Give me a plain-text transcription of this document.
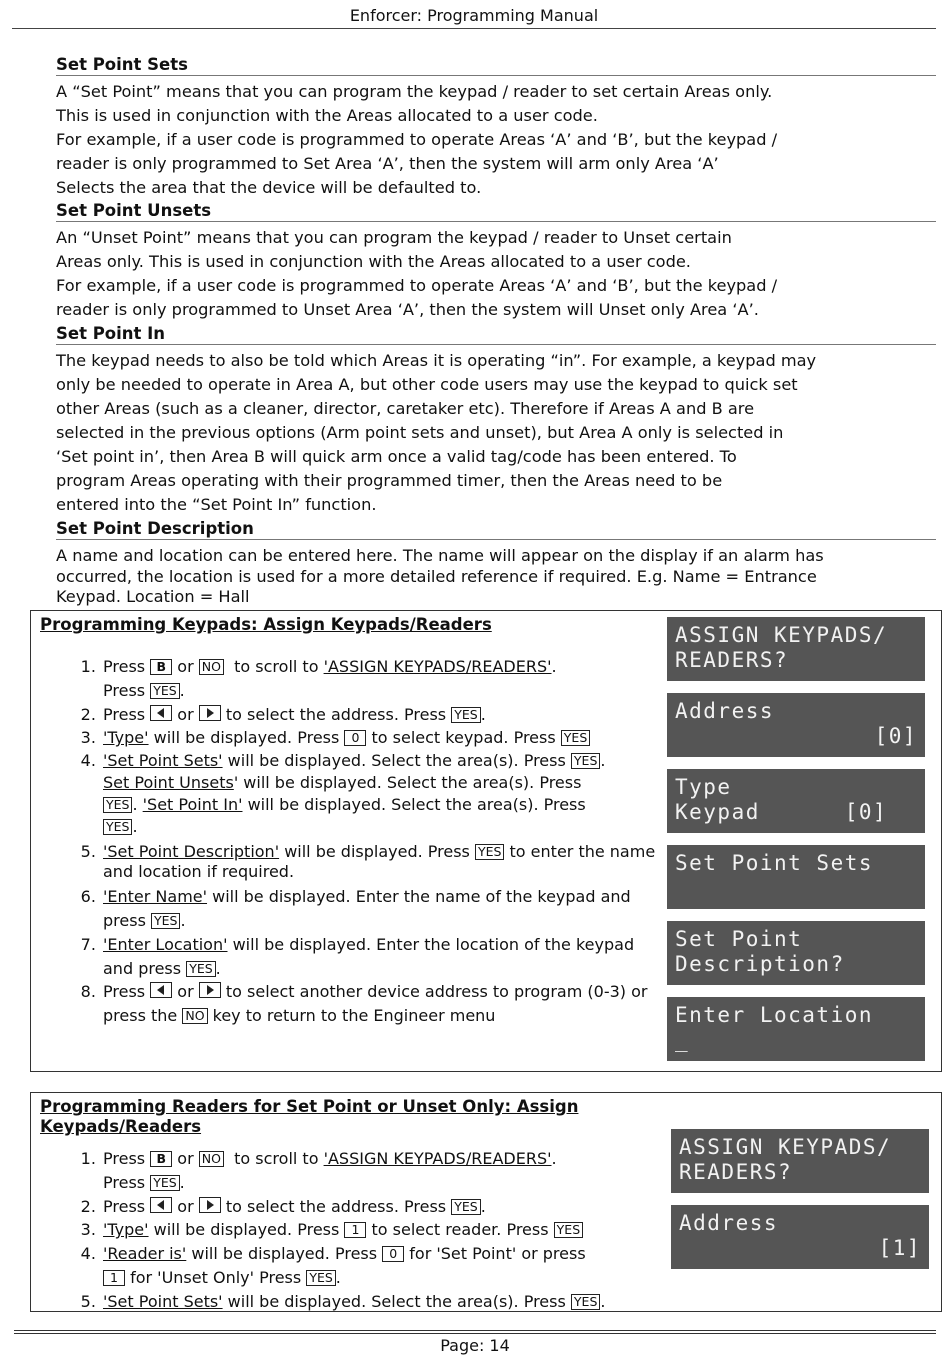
Enforcer: Programming Manual
Set Point Sets
A “Set Point” means that you can program the keypad / reader to set certain Areas only.
This is used in conjunction with the Areas allocated to a user code.
For example, if a user code is programmed to operate Areas ‘A’ and ‘B’, but the keypad /
reader is only programmed to Set Area ‘A’, then the system will arm only Area ‘A’
Selects the area that the device will be defaulted to.
Set Point Unsets
An “Unset Point” means that you can program the keypad / reader to Unset certain
Areas only. This is used in conjunction with the Areas allocated to a user code.
For example, if a user code is programmed to operate Areas ‘A’ and ‘B’, but the keypad /
reader is only programmed to Unset Area ‘A’, then the system will Unset only Area ‘A’.
Set Point In
The keypad needs to also be told which Areas it is operating “in”. For example, a keypad may
only be needed to operate in Area A, but other code users may use the keypad to quick set
other Areas (such as a cleaner, director, caretaker etc). Therefore if Areas A and B are
selected in the previous options (Arm point sets and unset), but Area A only is selected in
‘Set point in’, then Area B will quick arm once a valid tag/code has been entered. To
program Areas operating with their programmed timer, then the Areas need to be
entered into the “Set Point In” function.
Set Point Description
A name and location can be entered here. The name will appear on the display if an alarm has
occurred, the location is used for a more detailed reference if required. E.g. Name = Entrance
Keypad. Location = Hall
Programming Keypads: Assign Keypads/Readers
1. Press B or NO to scroll to 'ASSIGN KEYPADS/READERS'.
Press YES .
2. Press or to select the address. Press YES .
3. 'Type' will be displayed. Press 0 to select keypad. Press YES
4. 'Set Point Sets' will be displayed. Select the area(s). Press YES .
Set Point Unsets' will be displayed. Select the area(s). Press
YES . 'Set Point In' will be displayed. Select the area(s). Press
YES .
5. 'Set Point Description' will be displayed. Press YES to enter the name and location if required.
6. 'Enter Name' will be displayed. Enter the name of the keypad and press YES .
7. 'Enter Location' will be displayed. Enter the location of the keypad and press YES .
8. Press or to select another device address to program (0-3) or press the NO key to return to the Engineer menu
ASSIGN KEYPADS/
READERS?
Address
[0]
Type
Keypad      [0]
Set Point Sets

Set Point
Description?
Enter Location
_
Programming Readers for Set Point or Unset Only: Assign Keypads/Readers
1. Press B or NO to scroll to 'ASSIGN KEYPADS/READERS'.
Press YES .
2. Press or to select the address. Press YES .
3. 'Type' will be displayed. Press 1 to select reader. Press YES
4. 'Reader is' will be displayed. Press 0 for 'Set Point' or press
1 for 'Unset Only' Press YES .
5. 'Set Point Sets' will be displayed. Select the area(s). Press YES .
ASSIGN KEYPADS/
READERS?
Address
[1]
Page: 14
